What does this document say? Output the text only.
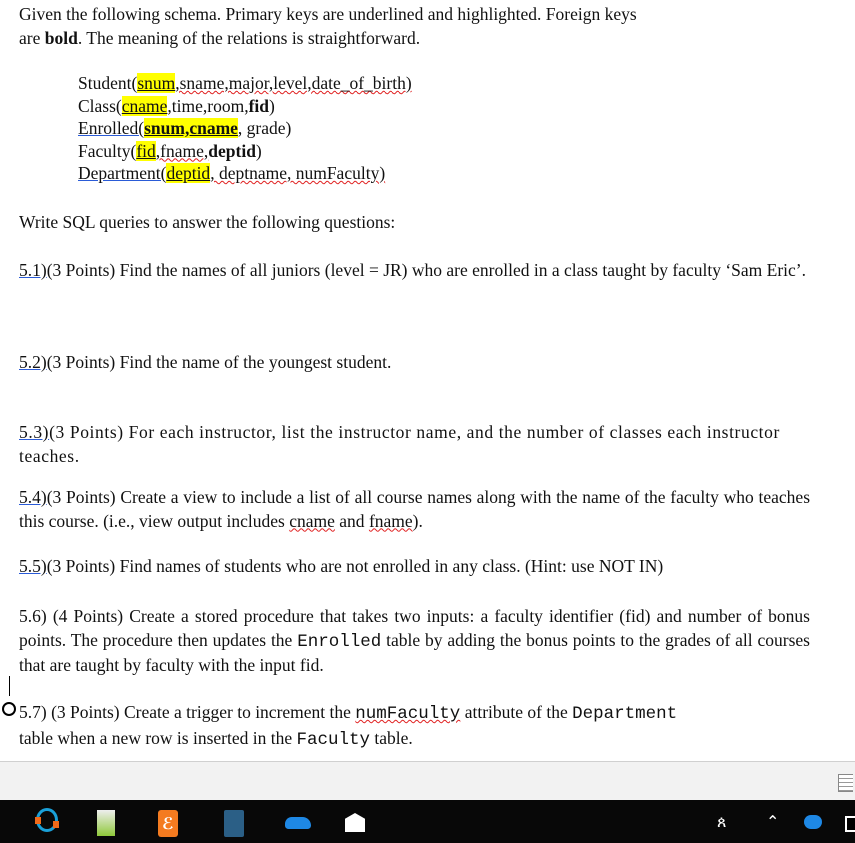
Given the following schema. Primary keys are underlined and highlighted. Foreign keys
are bold. The meaning of the relations is straightforward.
Student(snum,sname,major,level,date_of_birth)
Class(cname,time,room,fid)
Enrolled(snum,cname, grade)
Faculty(fid,fname,deptid)
Department(deptid, deptname, numFaculty)
Write SQL queries to answer the following questions:
5.1)(3 Points) Find the names of all juniors (level = JR) who are enrolled in a class taught by faculty ‘Sam Eric’.
5.2)(3 Points) Find the name of the youngest student.
5.3)(3 Points) For each instructor, list the instructor name, and the number of classes each instructor teaches.
5.4)(3 Points) Create a view to include a list of all course names along with the name of the faculty who teaches this course. (i.e., view output includes cname and fname).
5.5)(3 Points) Find names of students who are not enrolled in any class. (Hint: use NOT IN)
5.6) (4 Points) Create a stored procedure that takes two inputs: a faculty identifier (fid) and number of bonus points. The procedure then updates the Enrolled table by adding the bonus points to the grades of all courses that are taught by faculty with the input fid.
5.7) (3 Points) Create a trigger to increment the numFaculty attribute of the Department
table when a new row is inserted in the Faculty table.
ℰ	ጰ	⌃
